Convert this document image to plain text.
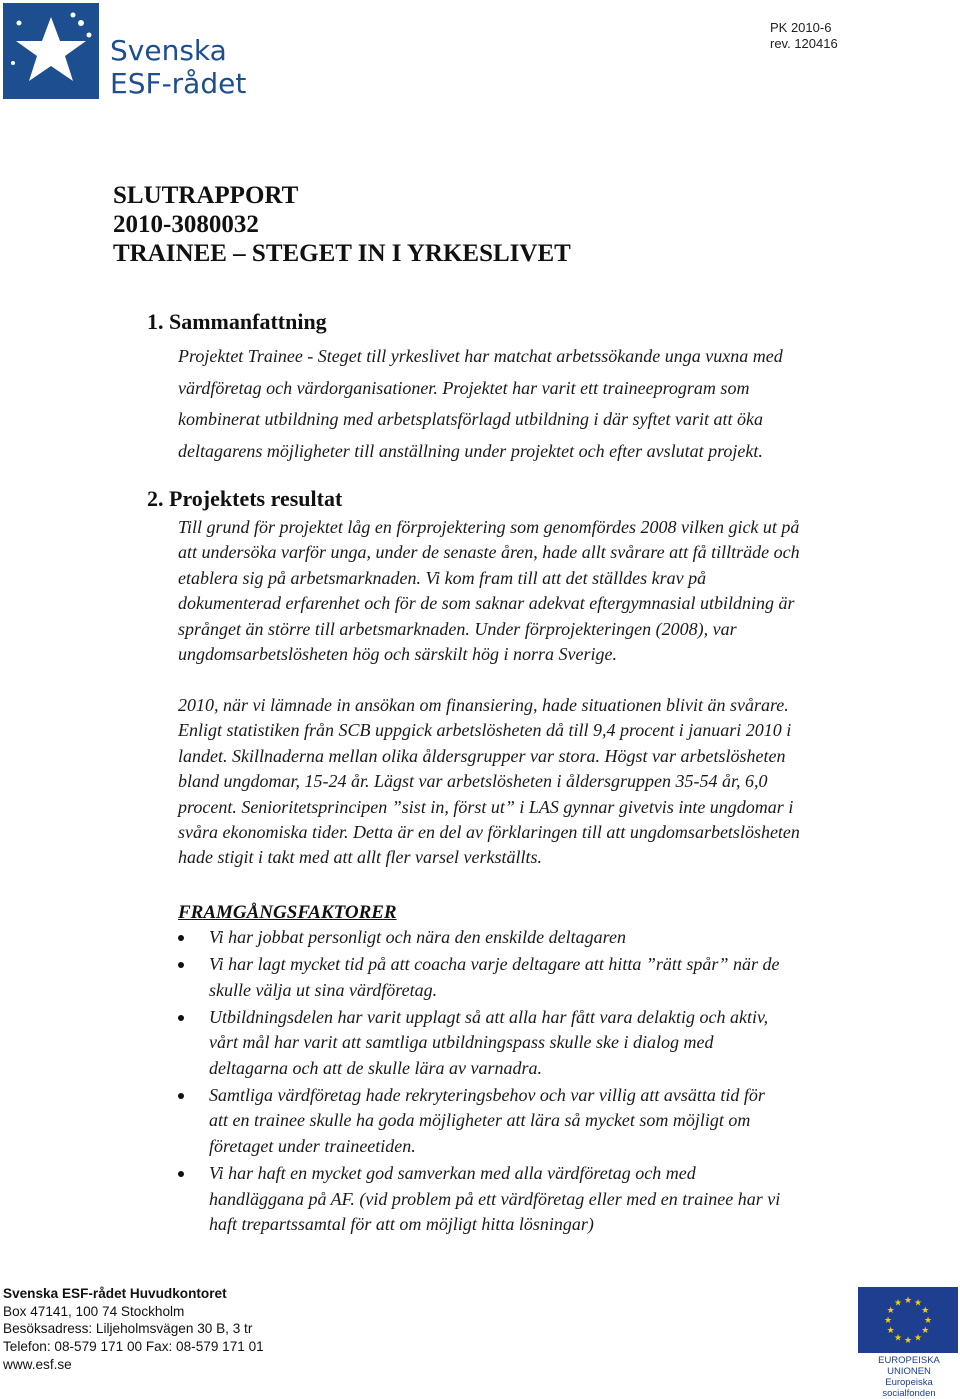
Svenska
ESF-rådet
PK 2010-6
rev. 120416
SLUTRAPPORT
2010-3080032
TRAINEE – STEGET IN I YRKESLIVET
1. Sammanfattning
Projektet Trainee - Steget till yrkeslivet har matchat arbetssökande unga vuxna med
värdföretag och värdorganisationer. Projektet har varit ett traineeprogram som
kombinerat utbildning med arbetsplatsförlagd utbildning i där syftet varit att öka
deltagarens möjligheter till anställning under projektet och efter avslutat projekt.
2. Projektets resultat
Till grund för projektet låg en förprojektering som genomfördes 2008 vilken gick ut på
att undersöka varför unga, under de senaste åren, hade allt svårare att få tillträde och
etablera sig på arbetsmarknaden. Vi kom fram till att det ställdes krav på
dokumenterad erfarenhet och för de som saknar adekvat eftergymnasial utbildning är
språnget än större till arbetsmarknaden. Under förprojekteringen (2008), var
ungdomsarbetslösheten hög och särskilt hög i norra Sverige.
2010, när vi lämnade in ansökan om finansiering, hade situationen blivit än svårare.
Enligt statistiken från SCB uppgick arbetslösheten då till 9,4 procent i januari 2010 i
landet. Skillnaderna mellan olika åldersgrupper var stora. Högst var arbetslösheten
bland ungdomar, 15-24 år. Lägst var arbetslösheten i åldersgruppen 35-54 år, 6,0
procent. Senioritetsprincipen ”sist in, först ut” i LAS gynnar givetvis inte ungdomar i
svåra ekonomiska tider. Detta är en del av förklaringen till att ungdomsarbetslösheten
hade stigit i takt med att allt fler varsel verkställts.
FRAMGÅNGSFAKTORER
Vi har jobbat personligt och nära den enskilde deltagaren
Vi har lagt mycket tid på att coacha varje deltagare att hitta ”rätt spår” när de
skulle välja ut sina värdföretag.
Utbildningsdelen har varit upplagt så att alla har fått vara delaktig och aktiv,
vårt mål har varit att samtliga utbildningspass skulle ske i dialog med
deltagarna och att de skulle lära av varnadra.
Samtliga värdföretag hade rekryteringsbehov och var villig att avsätta tid för
att en trainee skulle ha goda möjligheter att lära så mycket som möjligt om
företaget under traineetiden.
Vi har haft en mycket god samverkan med alla värdföretag och med
handläggana på AF. (vid problem på ett värdföretag eller med en trainee har vi
haft trepartssamtal för att om möjligt hitta lösningar)
Svenska ESF-rådet Huvudkontoret
Box 47141, 100 74 Stockholm
Besöksadress: Liljeholmsvägen 30 B, 3 tr
Telefon: 08-579 171 00 Fax: 08-579 171 01
www.esf.se
★
★
★
★
★
★
★
★
★ ★ ★
★
EUROPEISKA UNIONEN
Europeiska socialfonden
